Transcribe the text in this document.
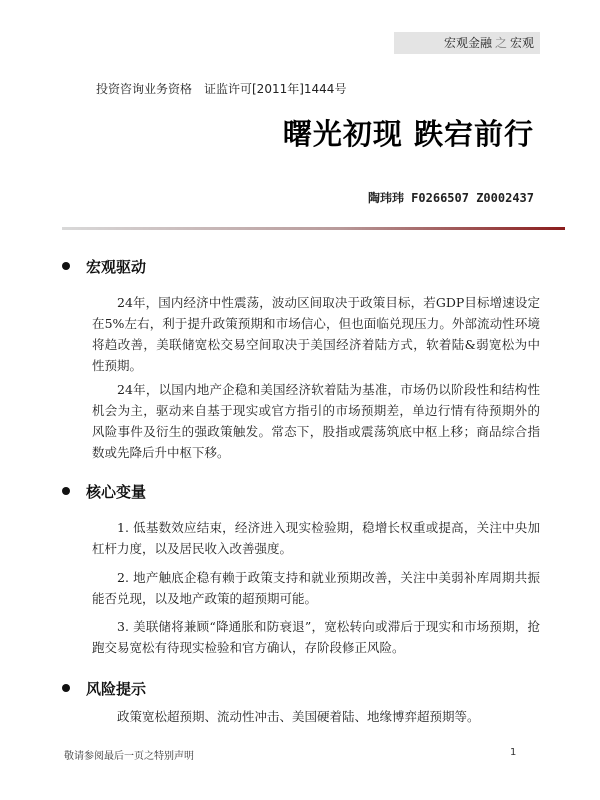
宏观金融 之 宏观
投资咨询业务资格　证监许可[2011年]1444号
曙光初现 跌宕前行
陶玮玮 F0266507 Z0002437
宏观驱动

24年，国内经济中性震荡，波动区间取决于政策目标，若GDP目标增速设定在5%左右，利于提升政策预期和市场信心，但也面临兑现压力。外部流动性环境将趋改善，美联储宽松交易空间取决于美国经济着陆方式，软着陆&弱宽松为中性预期。

24年，以国内地产企稳和美国经济软着陆为基准，市场仍以阶段性和结构性机会为主，驱动来自基于现实或官方指引的市场预期差，单边行情有待预期外的风险事件及衍生的强政策触发。常态下，股指或震荡筑底中枢上移；商品综合指数或先降后升中枢下移。

核心变量

1. 低基数效应结束，经济进入现实检验期，稳增长权重或提高，关注中央加杠杆力度，以及居民收入改善强度。

2. 地产触底企稳有赖于政策支持和就业预期改善，关注中美弱补库周期共振能否兑现，以及地产政策的超预期可能。

3. 美联储将兼顾“降通胀和防衰退”，宽松转向或滞后于现实和市场预期，抢跑交易宽松有待现实检验和官方确认，存阶段修正风险。

风险提示

政策宽松超预期、流动性冲击、美国硬着陆、地缘博弈超预期等。

敬请参阅最后一页之特别声明	1
